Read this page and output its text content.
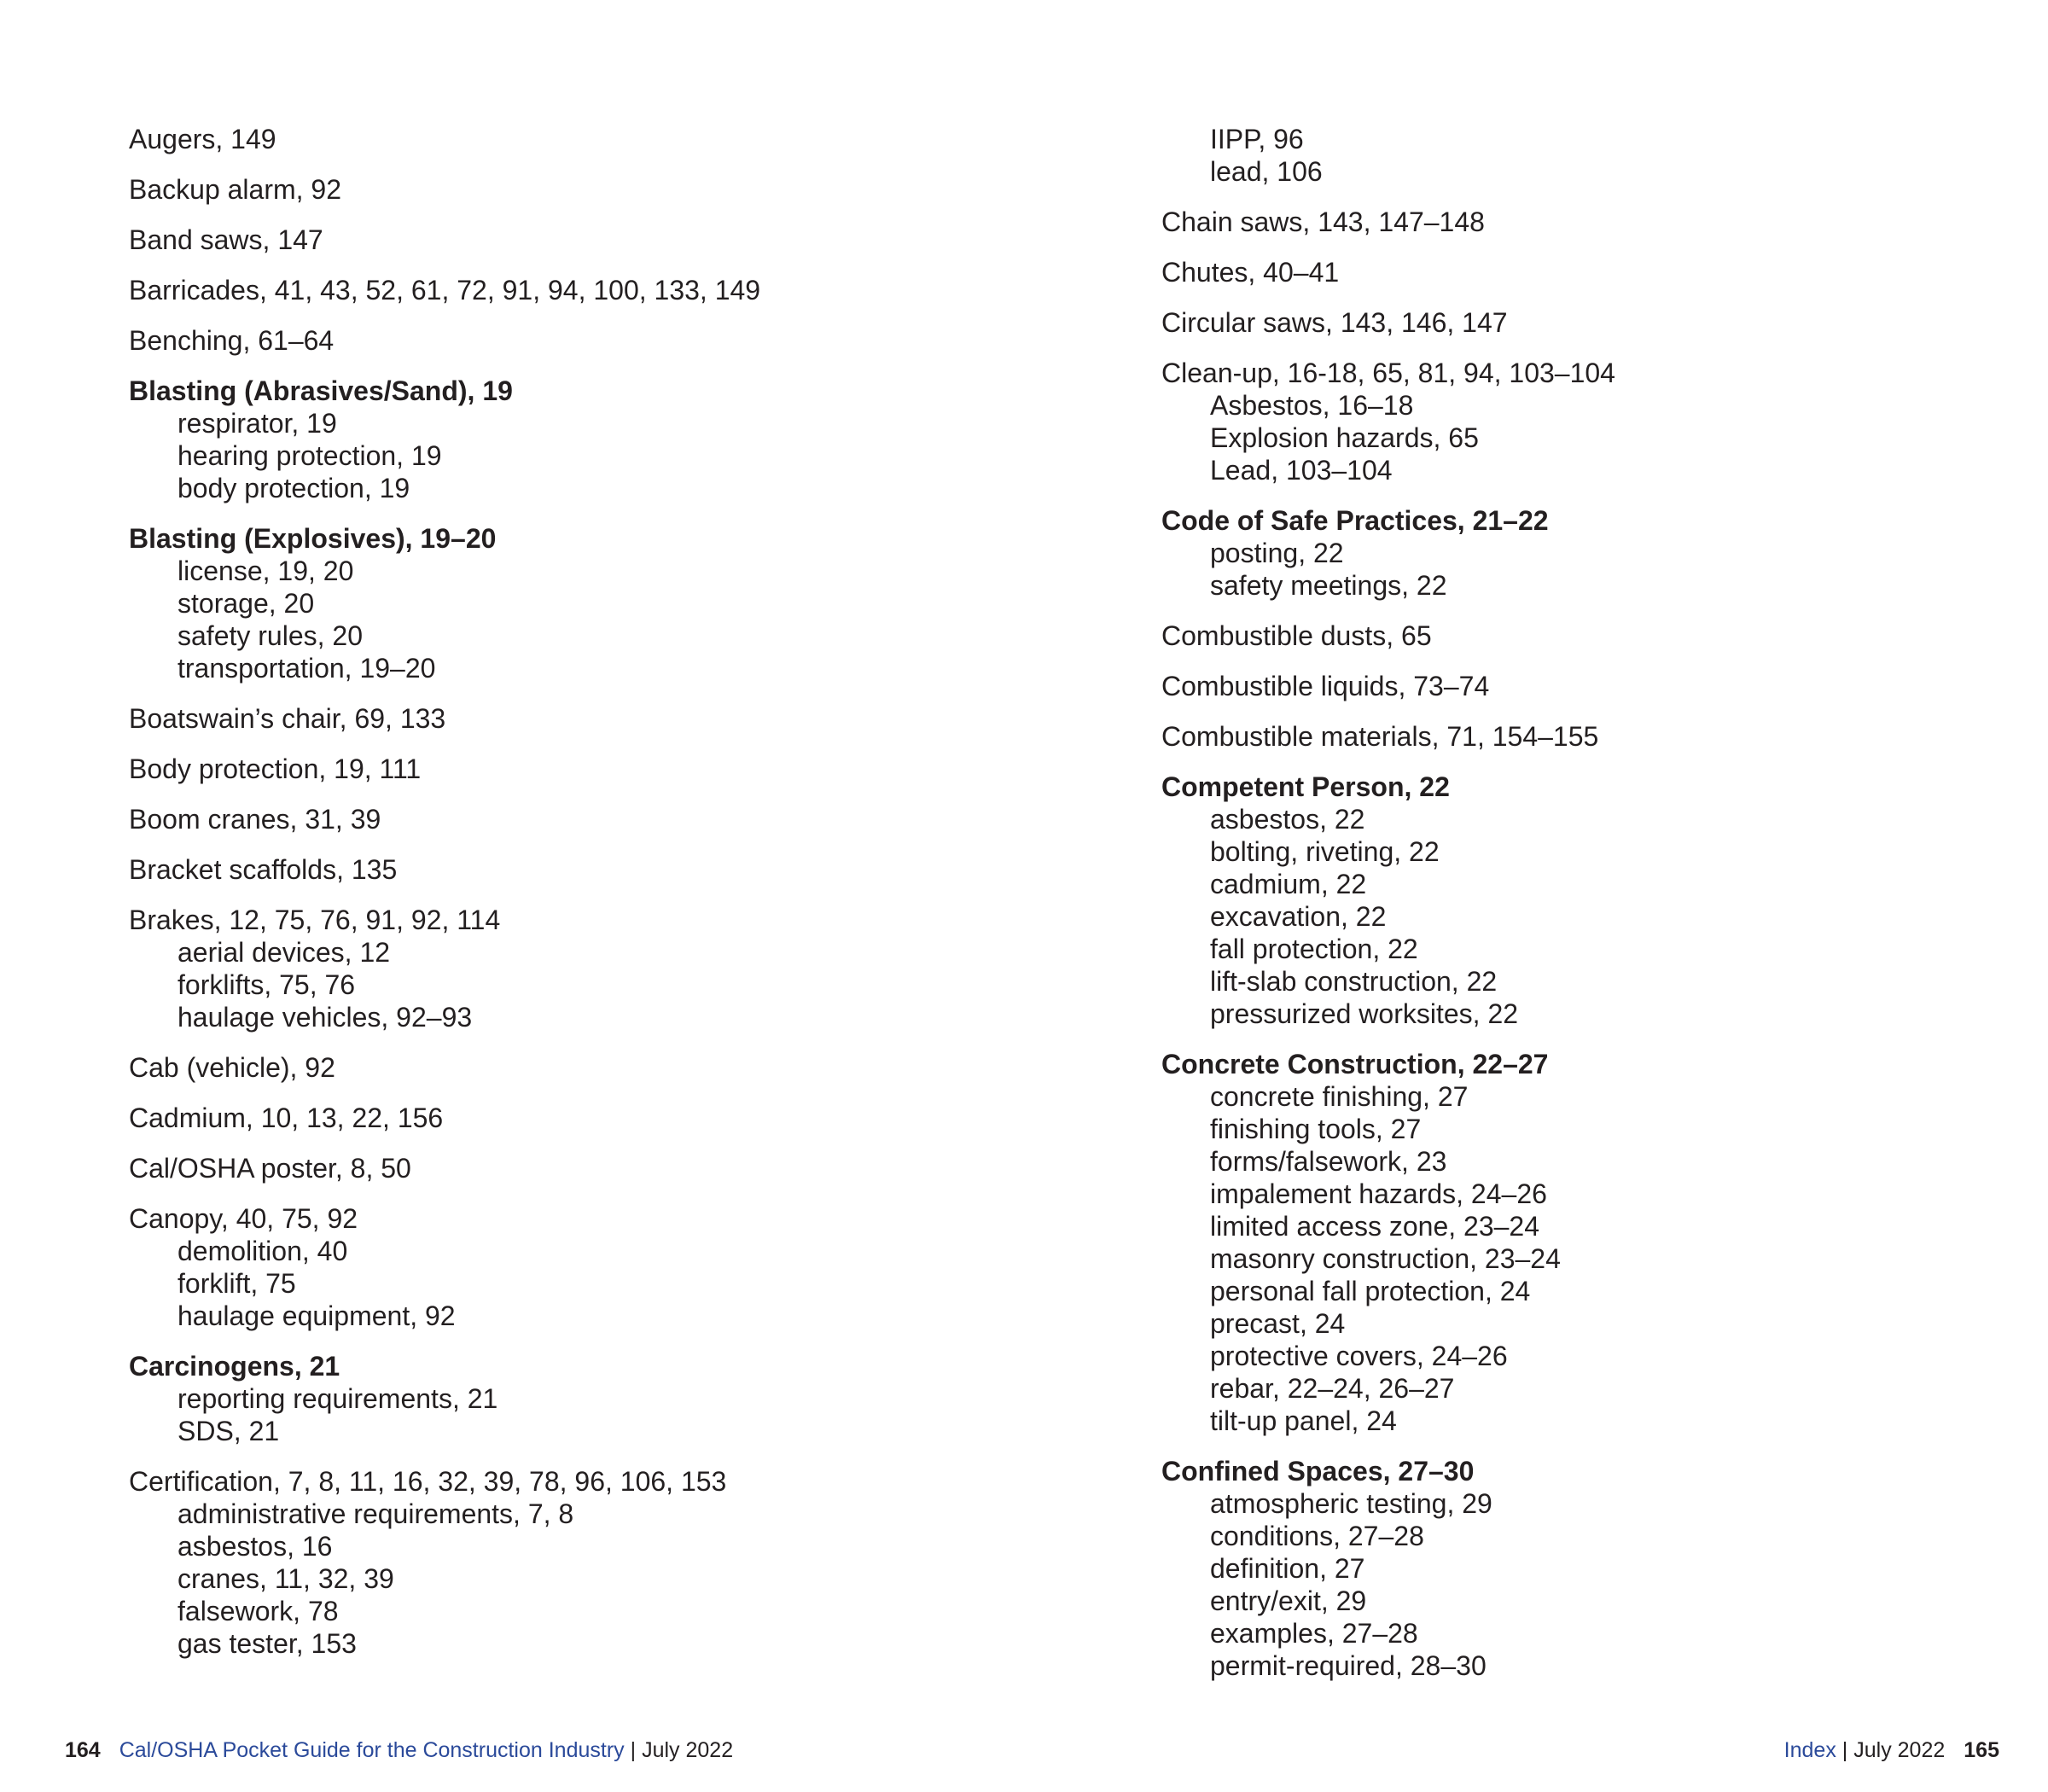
Augers, 149
Backup alarm, 92
Band saws, 147
Barricades, 41, 43, 52, 61, 72, 91, 94, 100, 133, 149
Benching, 61–64
Blasting (Abrasives/Sand), 19
respirator, 19
hearing protection, 19
body protection, 19
Blasting (Explosives), 19–20
license, 19, 20
storage, 20
safety rules, 20
transportation, 19–20
Boatswain’s chair, 69, 133
Body protection, 19, 111
Boom cranes, 31, 39
Bracket scaffolds, 135
Brakes, 12, 75, 76, 91, 92, 114
aerial devices, 12
forklifts, 75, 76
haulage vehicles, 92–93
Cab (vehicle), 92
Cadmium, 10, 13, 22, 156
Cal/OSHA poster, 8, 50
Canopy, 40, 75, 92
demolition, 40
forklift, 75
haulage equipment, 92
Carcinogens, 21
reporting requirements, 21
SDS, 21
Certification, 7, 8, 11, 16, 32, 39, 78, 96, 106, 153
administrative requirements, 7, 8
asbestos, 16
cranes, 11, 32, 39
falsework, 78
gas tester, 153
IIPP, 96
lead, 106
Chain saws, 143, 147–148
Chutes, 40–41
Circular saws, 143, 146, 147
Clean-up, 16-18, 65, 81, 94, 103–104
Asbestos, 16–18
Explosion hazards, 65
Lead, 103–104
Code of Safe Practices, 21–22
posting, 22
safety meetings, 22
Combustible dusts, 65
Combustible liquids, 73–74
Combustible materials, 71, 154–155
Competent Person, 22
asbestos, 22
bolting, riveting, 22
cadmium, 22
excavation, 22
fall protection, 22
lift-slab construction, 22
pressurized worksites, 22
Concrete Construction, 22–27
concrete finishing, 27
finishing tools, 27
forms/falsework, 23
impalement hazards, 24–26
limited access zone, 23–24
masonry construction, 23–24
personal fall protection, 24
precast, 24
protective covers, 24–26
rebar, 22–24, 26–27
tilt-up panel, 24
Confined Spaces, 27–30
atmospheric testing, 29
conditions, 27–28
definition, 27
entry/exit, 29
examples, 27–28
permit-required, 28–30
164 Cal/OSHA Pocket Guide for the Construction Industry | July 2022	Index | July 2022 165
